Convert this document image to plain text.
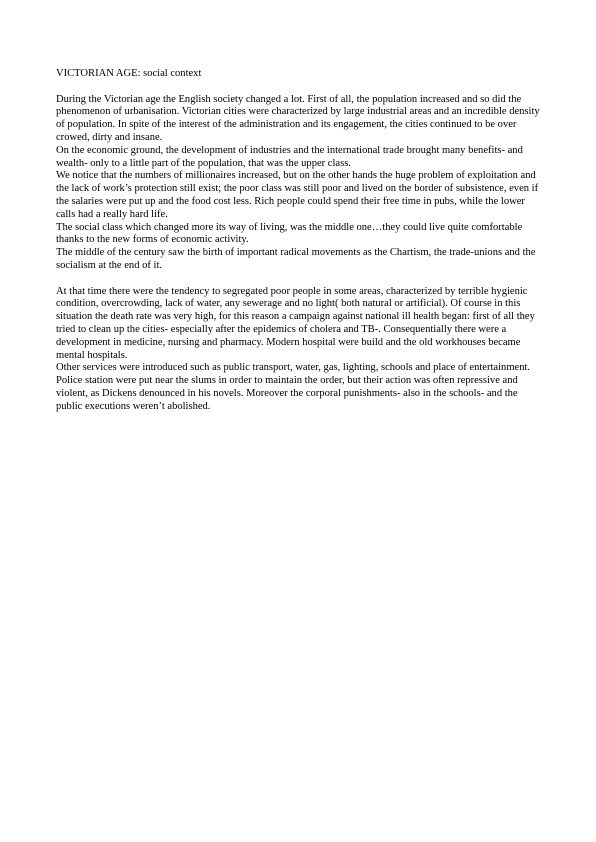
VICTORIAN AGE: social context

During the Victorian age the English society changed a lot. First of all, the population increased and so did the phenomenon of urbanisation. Victorian cities were characterized by large industrial areas and an incredible density of population. In spite of the interest of the administration and its engagement, the cities continued to be over crowed, dirty and insane.

On the economic ground, the development of industries and the international trade brought many benefits- and wealth- only to a little part of the population, that was the upper class.

We notice that the numbers of millionaires increased, but on the other hands the huge problem of exploitation and the lack of work’s protection still exist; the poor class was still poor and lived on the border of subsistence, even if the salaries were put up and the food cost less. Rich people could spend their free time in pubs, while the lower calls had a really hard life.

The social class which changed more its way of living, was the middle one…they could live quite comfortable thanks to the new forms of economic activity.

The middle of the century saw the birth of important radical movements as the Chartism, the trade-unions and the socialism at the end of it.

At that time there were the tendency to segregated poor people in some areas, characterized by terrible hygienic condition, overcrowding, lack of water, any sewerage and no light( both natural or artificial). Of course in this situation the death rate was very high, for this reason a campaign against national ill health began: first of all they tried to clean up the cities- especially after the epidemics of cholera and TB-. Consequentially there were a development in medicine, nursing and pharmacy. Modern hospital were build and the old workhouses became mental hospitals.

Other services were introduced such as public transport, water, gas, lighting, schools and place of entertainment.

Police station were put near the slums in order to maintain the order, but their action was often repressive and violent, as Dickens denounced in his novels. Moreover the corporal punishments- also in the schools- and the public executions weren’t abolished.
